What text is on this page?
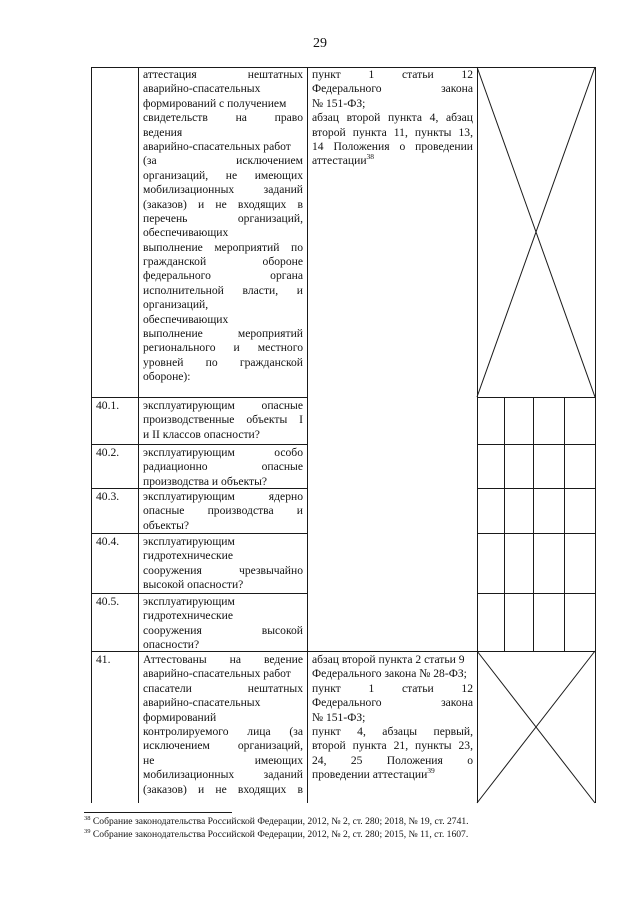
29
аттестация нештатных
аварийно-спасательных
формирований с получением
свидетельств на право
ведения
аварийно-спасательных работ
(за исключением
организаций, не имеющих
мобилизационных заданий
(заказов) и не входящих в
перечень организаций,
обеспечивающих
выполнение мероприятий по
гражданской обороне
федерального органа
исполнительной власти, и
организаций,
обеспечивающих
выполнение мероприятий
регионального и местного
уровней по гражданской
обороне):
пункт 1 статьи 12
Федерального закона
№ 151-ФЗ;
абзац второй пункта 4, абзац
второй пункта 11, пункты 13,
14 Положения о проведении
аттестации$^{38}$
40.1. эксплуатирующим опасные
производственные объекты I
и II классов опасности?
40.2. эксплуатирующим особо
радиационно опасные
производства и объекты?
40.3. эксплуатирующим ядерно
опасные производства и
объекты?
40.4. эксплуатирующим
гидротехнические
сооружения чрезвычайно
высокой опасности?
40.5. эксплуатирующим
гидротехнические
сооружения высокой
опасности?
41.	Аттестованы на ведение
аварийно-спасательных работ
спасатели нештатных
аварийно-спасательных
формирований
контролируемого лица (за
исключением организаций,
не имеющих
мобилизационных заданий
(заказов) и не входящих в
абзац второй пункта 2 статьи 9
Федерального закона № 28-ФЗ;
пункт 1 статьи 12
Федерального закона
№ 151-ФЗ;
пункт 4, абзацы первый,
второй пункта 21, пункты 23,
24, 25 Положения о
проведении аттестации$^{39}$
$^{38}$ Собрание законодательства Российской Федерации, 2012, № 2, ст. 280; 2018, № 19, ст. 2741.
$^{39}$ Собрание законодательства Российской Федерации, 2012, № 2, ст. 280; 2015, № 11, ст. 1607.
